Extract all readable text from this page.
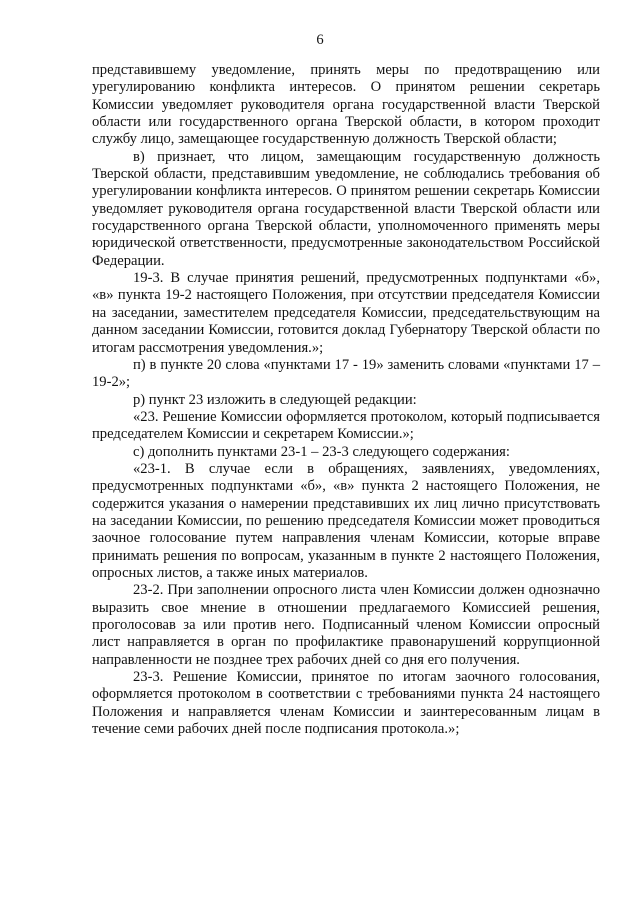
6

представившему уведомление, принять меры по предотвращению или урегулированию конфликта интересов. О принятом решении секретарь Комиссии уведомляет руководителя органа государственной власти Тверской области или государственного органа Тверской области, в котором проходит службу лицо, замещающее государственную должность Тверской области;

в) признает, что лицом, замещающим государственную должность Тверской области, представившим уведомление, не соблюдались требования об урегулировании конфликта интересов. О принятом решении секретарь Комиссии уведомляет руководителя органа государственной власти Тверской области или государственного органа Тверской области, уполномоченного применять меры юридической ответственности, предусмотренные законодательством Российской Федерации.

19-3. В случае принятия решений, предусмотренных подпунктами «б», «в» пункта 19-2 настоящего Положения, при отсутствии председателя Комиссии на заседании, заместителем председателя Комиссии, председательствующим на данном заседании Комиссии, готовится доклад Губернатору Тверской области по итогам рассмотрения уведомления.»;

п) в пункте 20 слова «пунктами 17 - 19» заменить словами «пунктами 17 – 19-2»;

р) пункт 23 изложить в следующей редакции:

«23. Решение Комиссии оформляется протоколом, который подписывается председателем Комиссии и секретарем Комиссии.»;

с) дополнить пунктами 23-1 – 23-3 следующего содержания:

«23-1. В случае если в обращениях, заявлениях, уведомлениях, предусмотренных подпунктами «б», «в» пункта 2 настоящего Положения, не содержится указания о намерении представивших их лиц лично присутствовать на заседании Комиссии, по решению председателя Комиссии может проводиться заочное голосование путем направления членам Комиссии, которые вправе принимать решения по вопросам, указанным в пункте 2 настоящего Положения, опросных листов, а также иных материалов.

23-2. При заполнении опросного листа член Комиссии должен однозначно выразить свое мнение в отношении предлагаемого Комиссией решения, проголосовав за или против него. Подписанный членом Комиссии опросный лист направляется в орган по профилактике правонарушений коррупционной направленности не позднее трех рабочих дней со дня его получения.

23-3. Решение Комиссии, принятое по итогам заочного голосования, оформляется протоколом в соответствии с требованиями пункта 24 настоящего Положения и направляется членам Комиссии и заинтересованным лицам в течение семи рабочих дней после подписания протокола.»;
